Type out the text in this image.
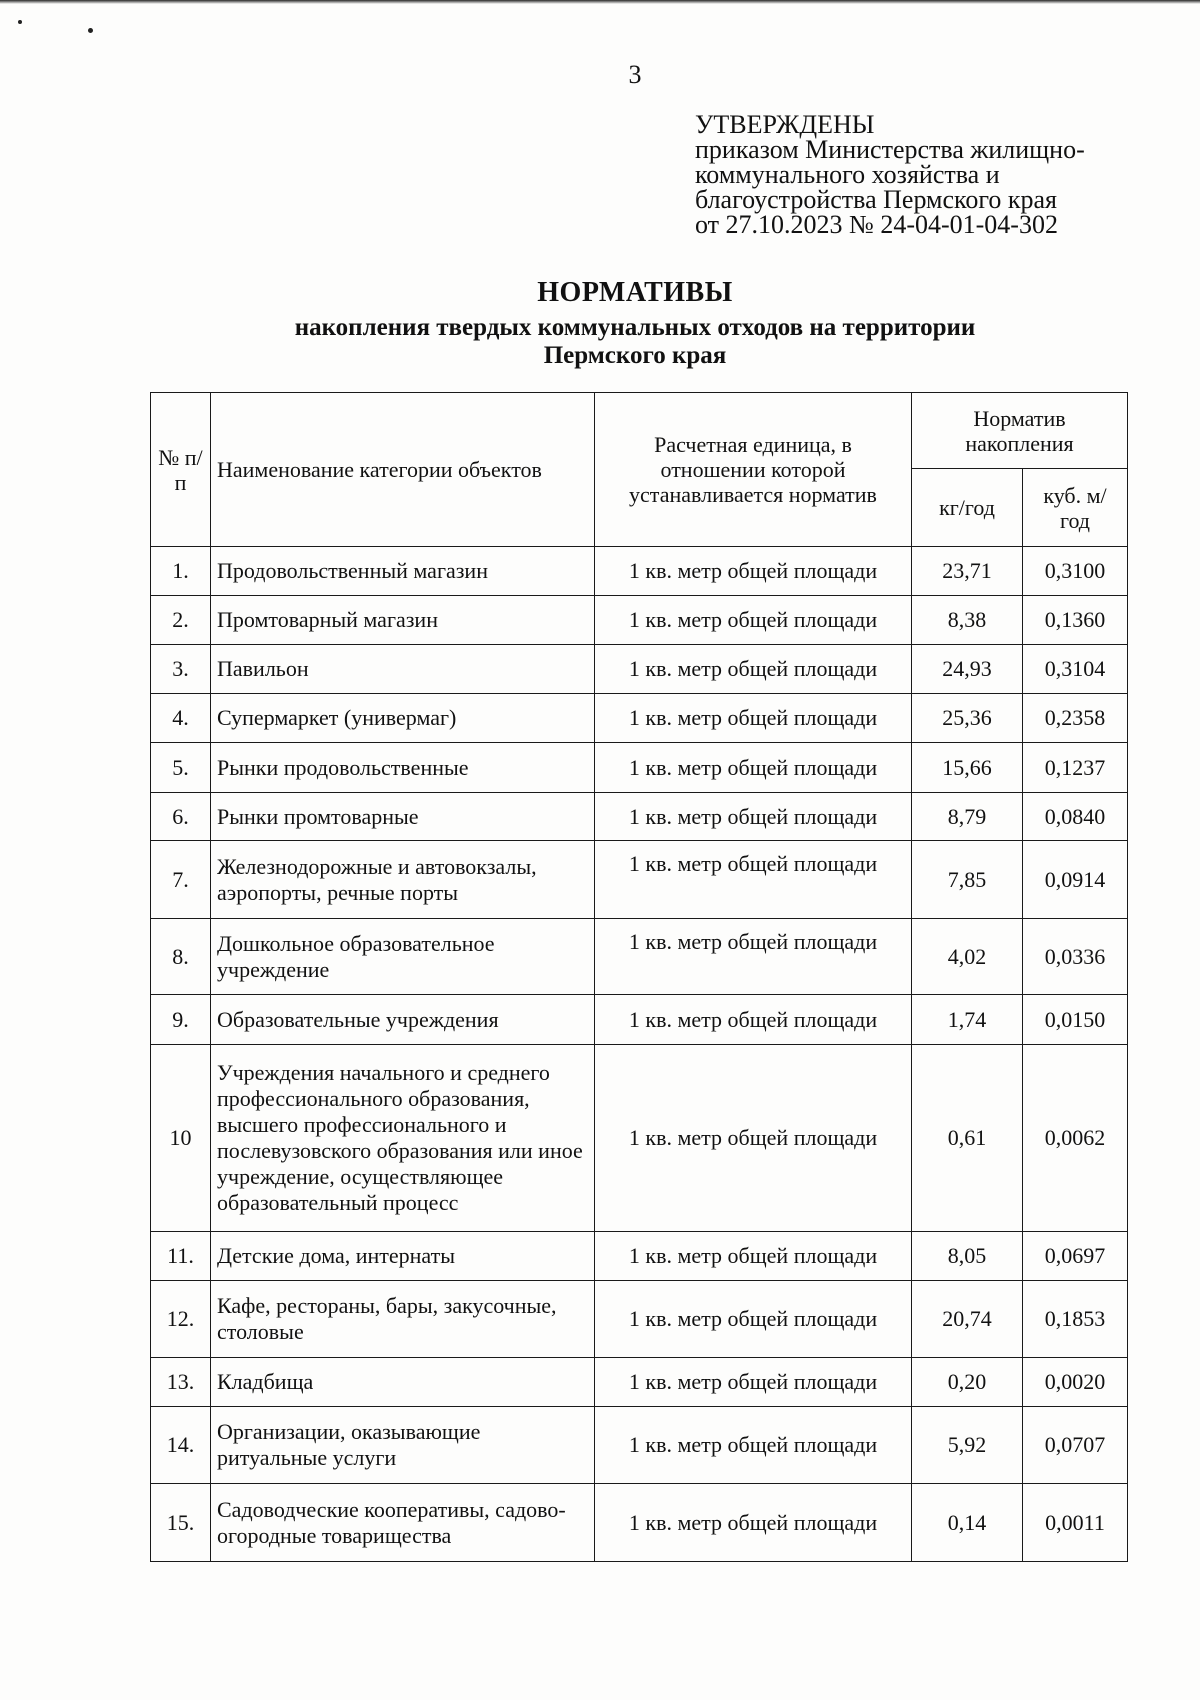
3
УТВЕРЖДЕНЫ
приказом Министерства жилищно-
коммунального хозяйства и
благоустройства Пермского края
от 27.10.2023 № 24-04-01-04-302
НОРМАТИВЫ
накопления твердых коммунальных отходов на территории Пермского края
№ п/п	Наименование категории объектов	Расчетная единица, в отношении которой устанавливается норматив	Норматив накопления	
			кг/год	куб. м/год
1.	Продовольственный магазин	1 кв. метр общей площади	23,71	0,3100
2.	Промтоварный магазин	1 кв. метр общей площади	8,38	0,1360
3.	Павильон	1 кв. метр общей площади	24,93	0,3104
4.	Супермаркет (универмаг)	1 кв. метр общей площади	25,36	0,2358
5.	Рынки продовольственные	1 кв. метр общей площади	15,66	0,1237
6.	Рынки промтоварные	1 кв. метр общей площади	8,79	0,0840
7.	Железнодорожные и автовокзалы, аэропорты, речные порты	1 кв. метр общей площади	7,85	0,0914
8.	Дошкольное образовательное учреждение	1 кв. метр общей площади	4,02	0,0336
9.	Образовательные учреждения	1 кв. метр общей площади	1,74	0,0150
10	Учреждения начального и среднего профессионального образования, высшего профессионального и послевузовского образования или иное учреждение, осуществляющее образовательный процесс	1 кв. метр общей площади	0,61	0,0062
11.	Детские дома, интернаты	1 кв. метр общей площади	8,05	0,0697
12.	Кафе, рестораны, бары, закусочные, столовые	1 кв. метр общей площади	20,74	0,1853
13.	Кладбища	1 кв. метр общей площади	0,20	0,0020
14.	Организации, оказывающие ритуальные услуги	1 кв. метр общей площади	5,92	0,0707
15.	Садоводческие кооперативы, садово-огородные товарищества	1 кв. метр общей площади	0,14	0,0011
